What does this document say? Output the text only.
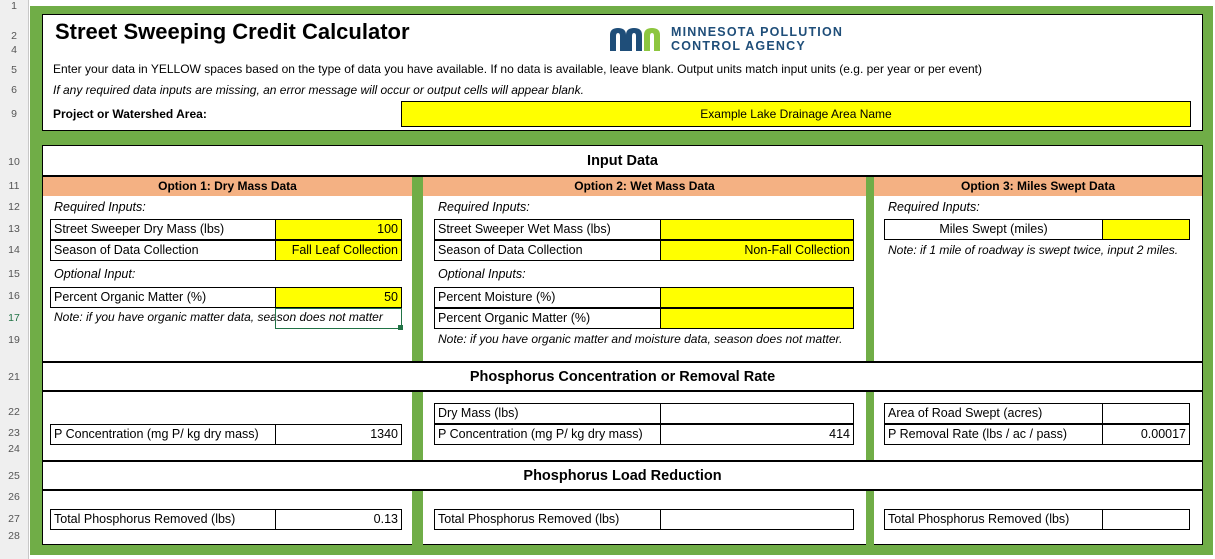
1
2
4
5
6
9
10
11
12
13
14
15
16
17
19
21
22
23
24
25
26
27
28
Street Sweeping Credit Calculator	MINNESOTA POLLUTION
CONTROL AGENCY
Enter your data in YELLOW spaces based on the type of data you have available. If no data is available, leave blank. Output units match input units (e.g. per year or per event)
If any required data inputs are missing, an error message will occur or output cells will appear blank.
Project or Watershed Area:	Example Lake Drainage Area Name
Input Data
Option 1: Dry Mass Data	Option 2: Wet Mass Data	Option 3: Miles Swept Data
Required Inputs:
Street Sweeper Dry Mass (lbs)	100
Season of Data Collection	Fall Leaf Collection
Optional Input:
Percent Organic Matter (%)	50
Note: if you have organic matter data, season does not matter
Required Inputs:
Street Sweeper Wet Mass (lbs)
Season of Data Collection	Non-Fall Collection
Optional Inputs:
Percent Moisture (%)
Percent Organic Matter (%)
Note: if you have organic matter and moisture data, season does not matter.
Required Inputs:
Miles Swept (miles)
Note: if 1 mile of roadway is swept twice, input 2 miles.
Phosphorus Concentration or Removal Rate
P Concentration (mg P/ kg dry mass)	1340
Dry Mass (lbs)
P Concentration (mg P/ kg dry mass)	414
Area of Road Swept (acres)
P Removal Rate (lbs / ac / pass)	0.00017
Phosphorus Load Reduction
Total Phosphorus Removed (lbs)	0.13	Total Phosphorus Removed (lbs)	Total Phosphorus Removed (lbs)
